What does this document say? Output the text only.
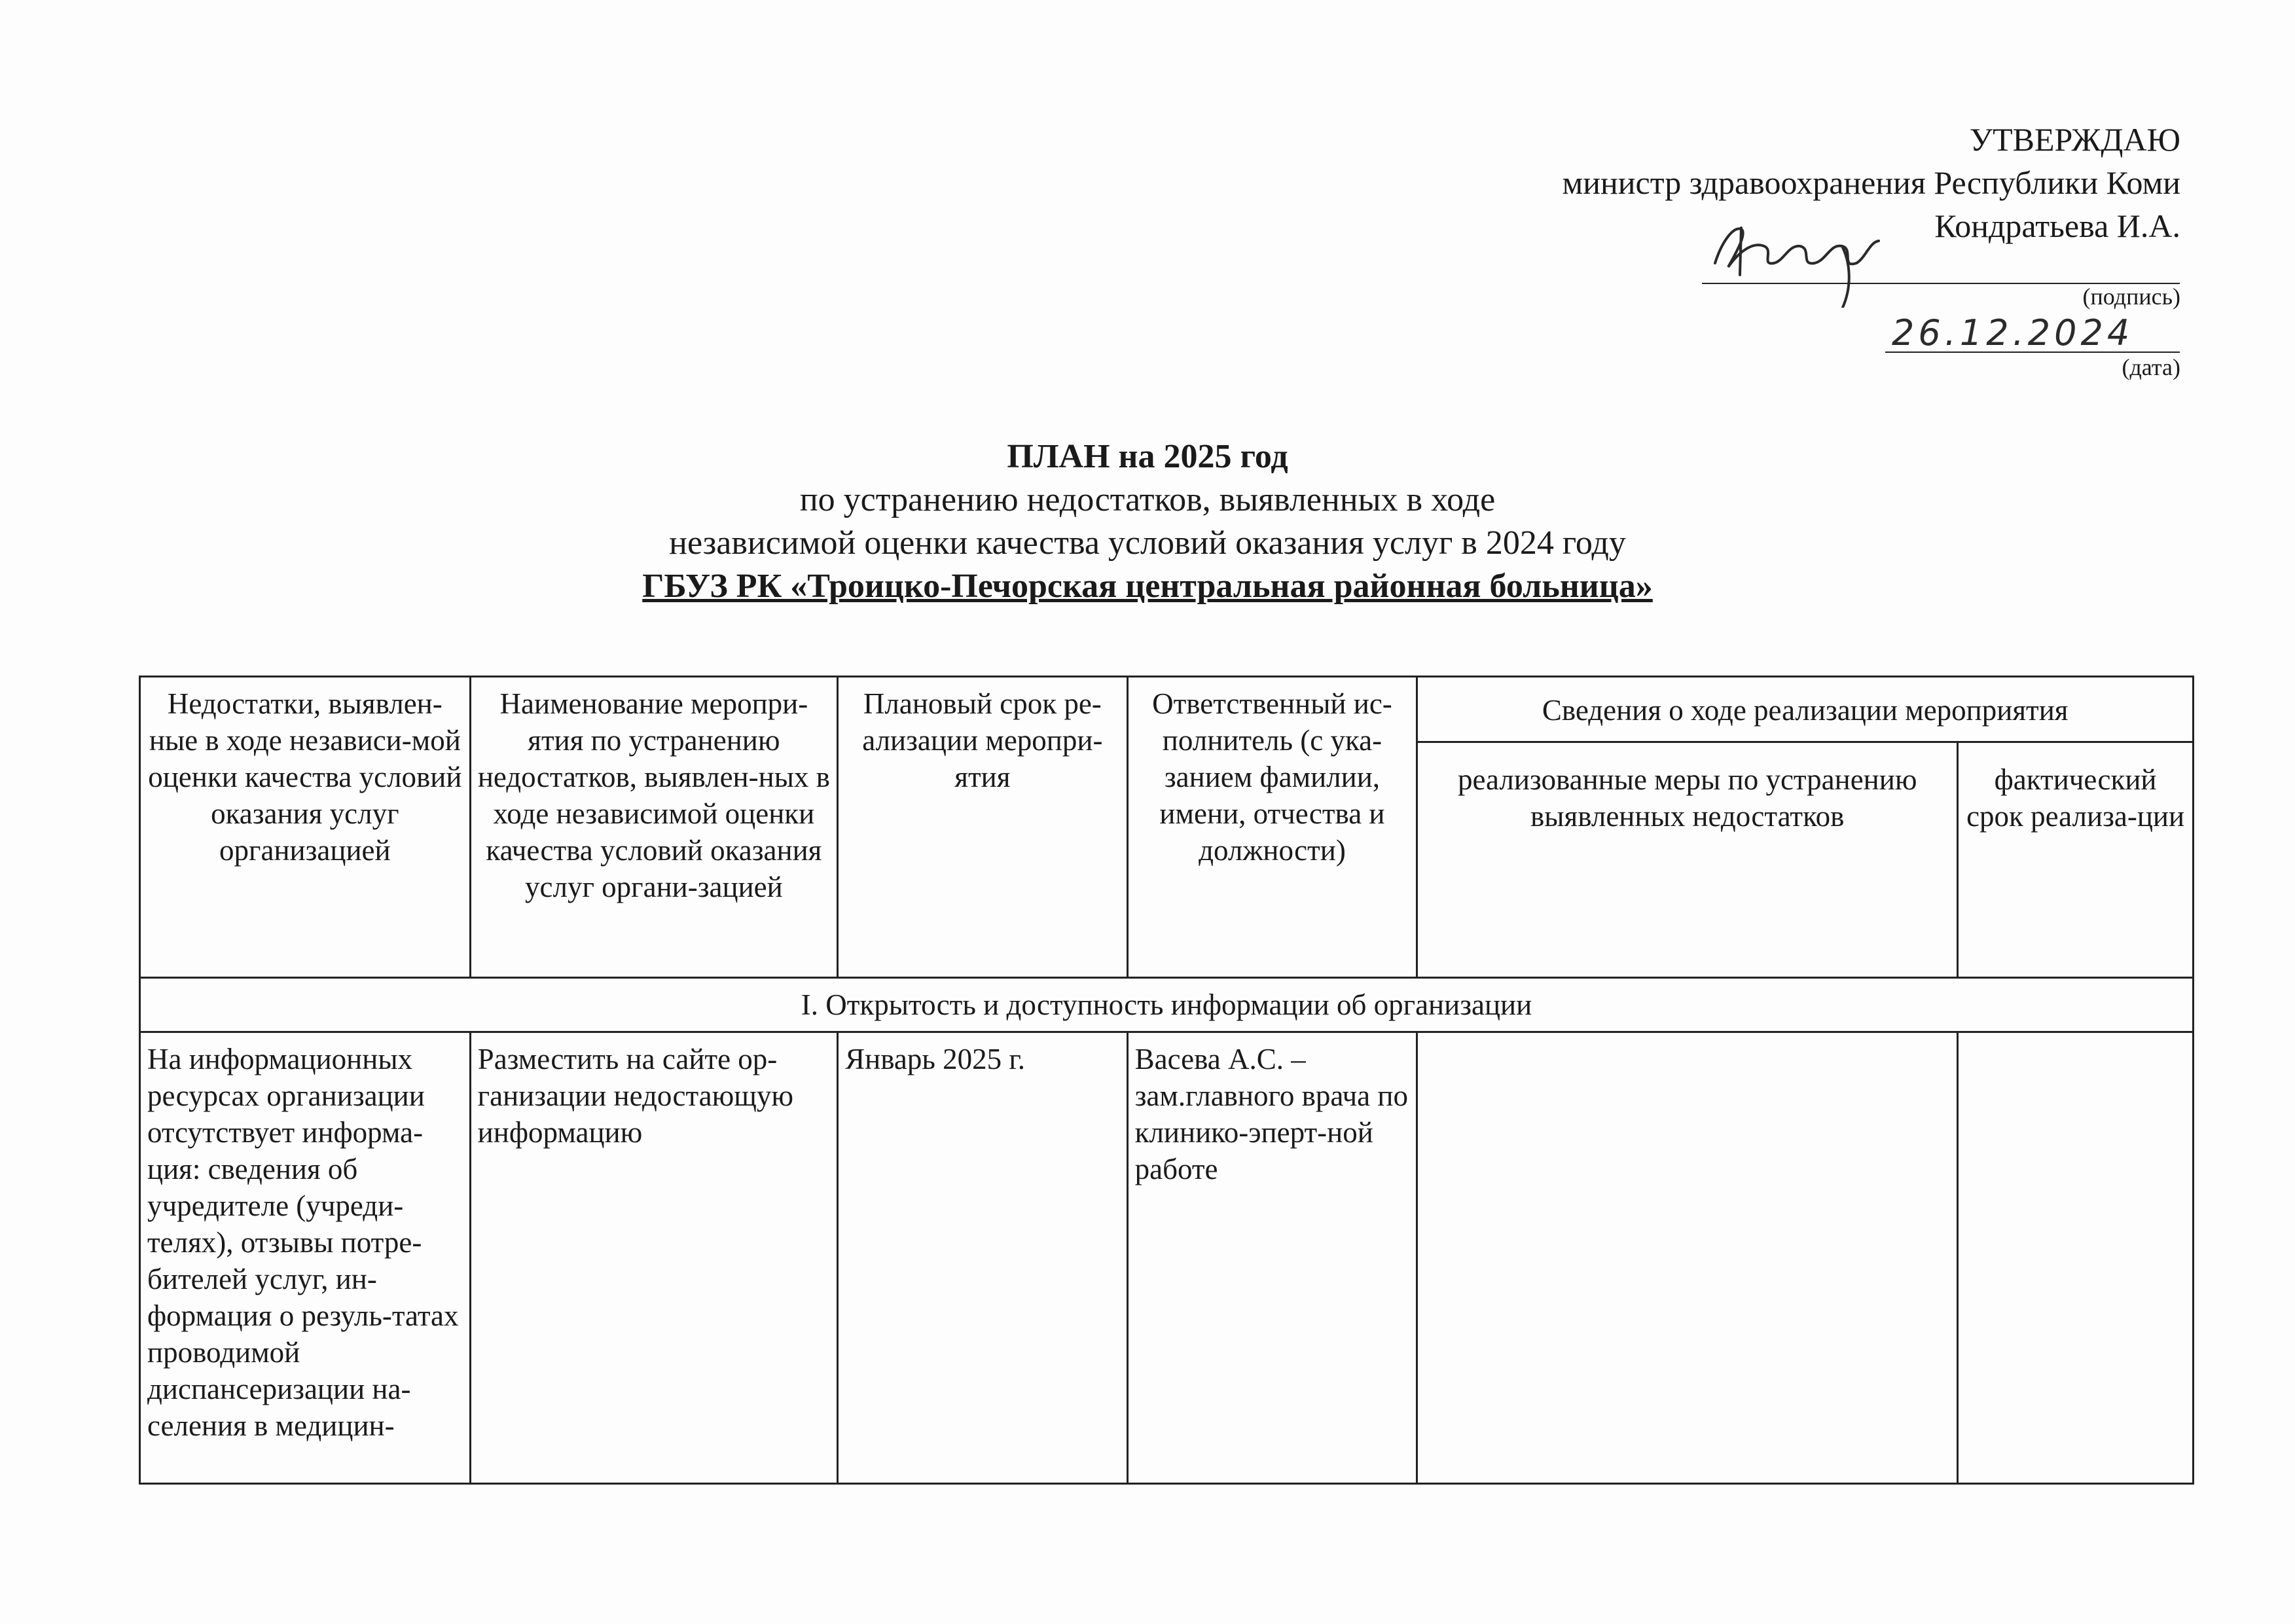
УТВЕРЖДАЮ
министр здравоохранения Республики Коми
Кондратьева И.А.
(подпись)
26.12.2024
(дата)
ПЛАН на 2025 год
по устранению недостатков, выявленных в ходе
независимой оценки качества условий оказания услуг в 2024 году
ГБУЗ РК «Троицко-Печорская центральная районная больница»
Недостатки, выявлен-ные в ходе независи-мой оценки качества условий оказания услуг организацией	Наименование меропри-ятия по устранению недостатков, выявлен-ных в ходе независимой оценки качества условий оказания услуг органи-зацией	Плановый срок ре-ализации меропри-ятия	Ответственный ис-полнитель (с ука-занием фамилии, имени, отчества и должности)	Сведения о ходе реализации мероприятия	
				реализованные меры по устранению выявленных недостатков	фактический срок реализа-ции
I. Открытость и доступность информации об организации					
На информационных ресурсах организации отсутствует информа-ция: сведения об учредителе (учреди-телях), отзывы потре-бителей услуг, ин-формация о резуль-татах проводимой диспансеризации на-селения в медицин-	Разместить на сайте ор-ганизации недостающую информацию	Январь 2025 г.	Васева А.С. – зам.главного врача по клинико-эперт-ной работе		
